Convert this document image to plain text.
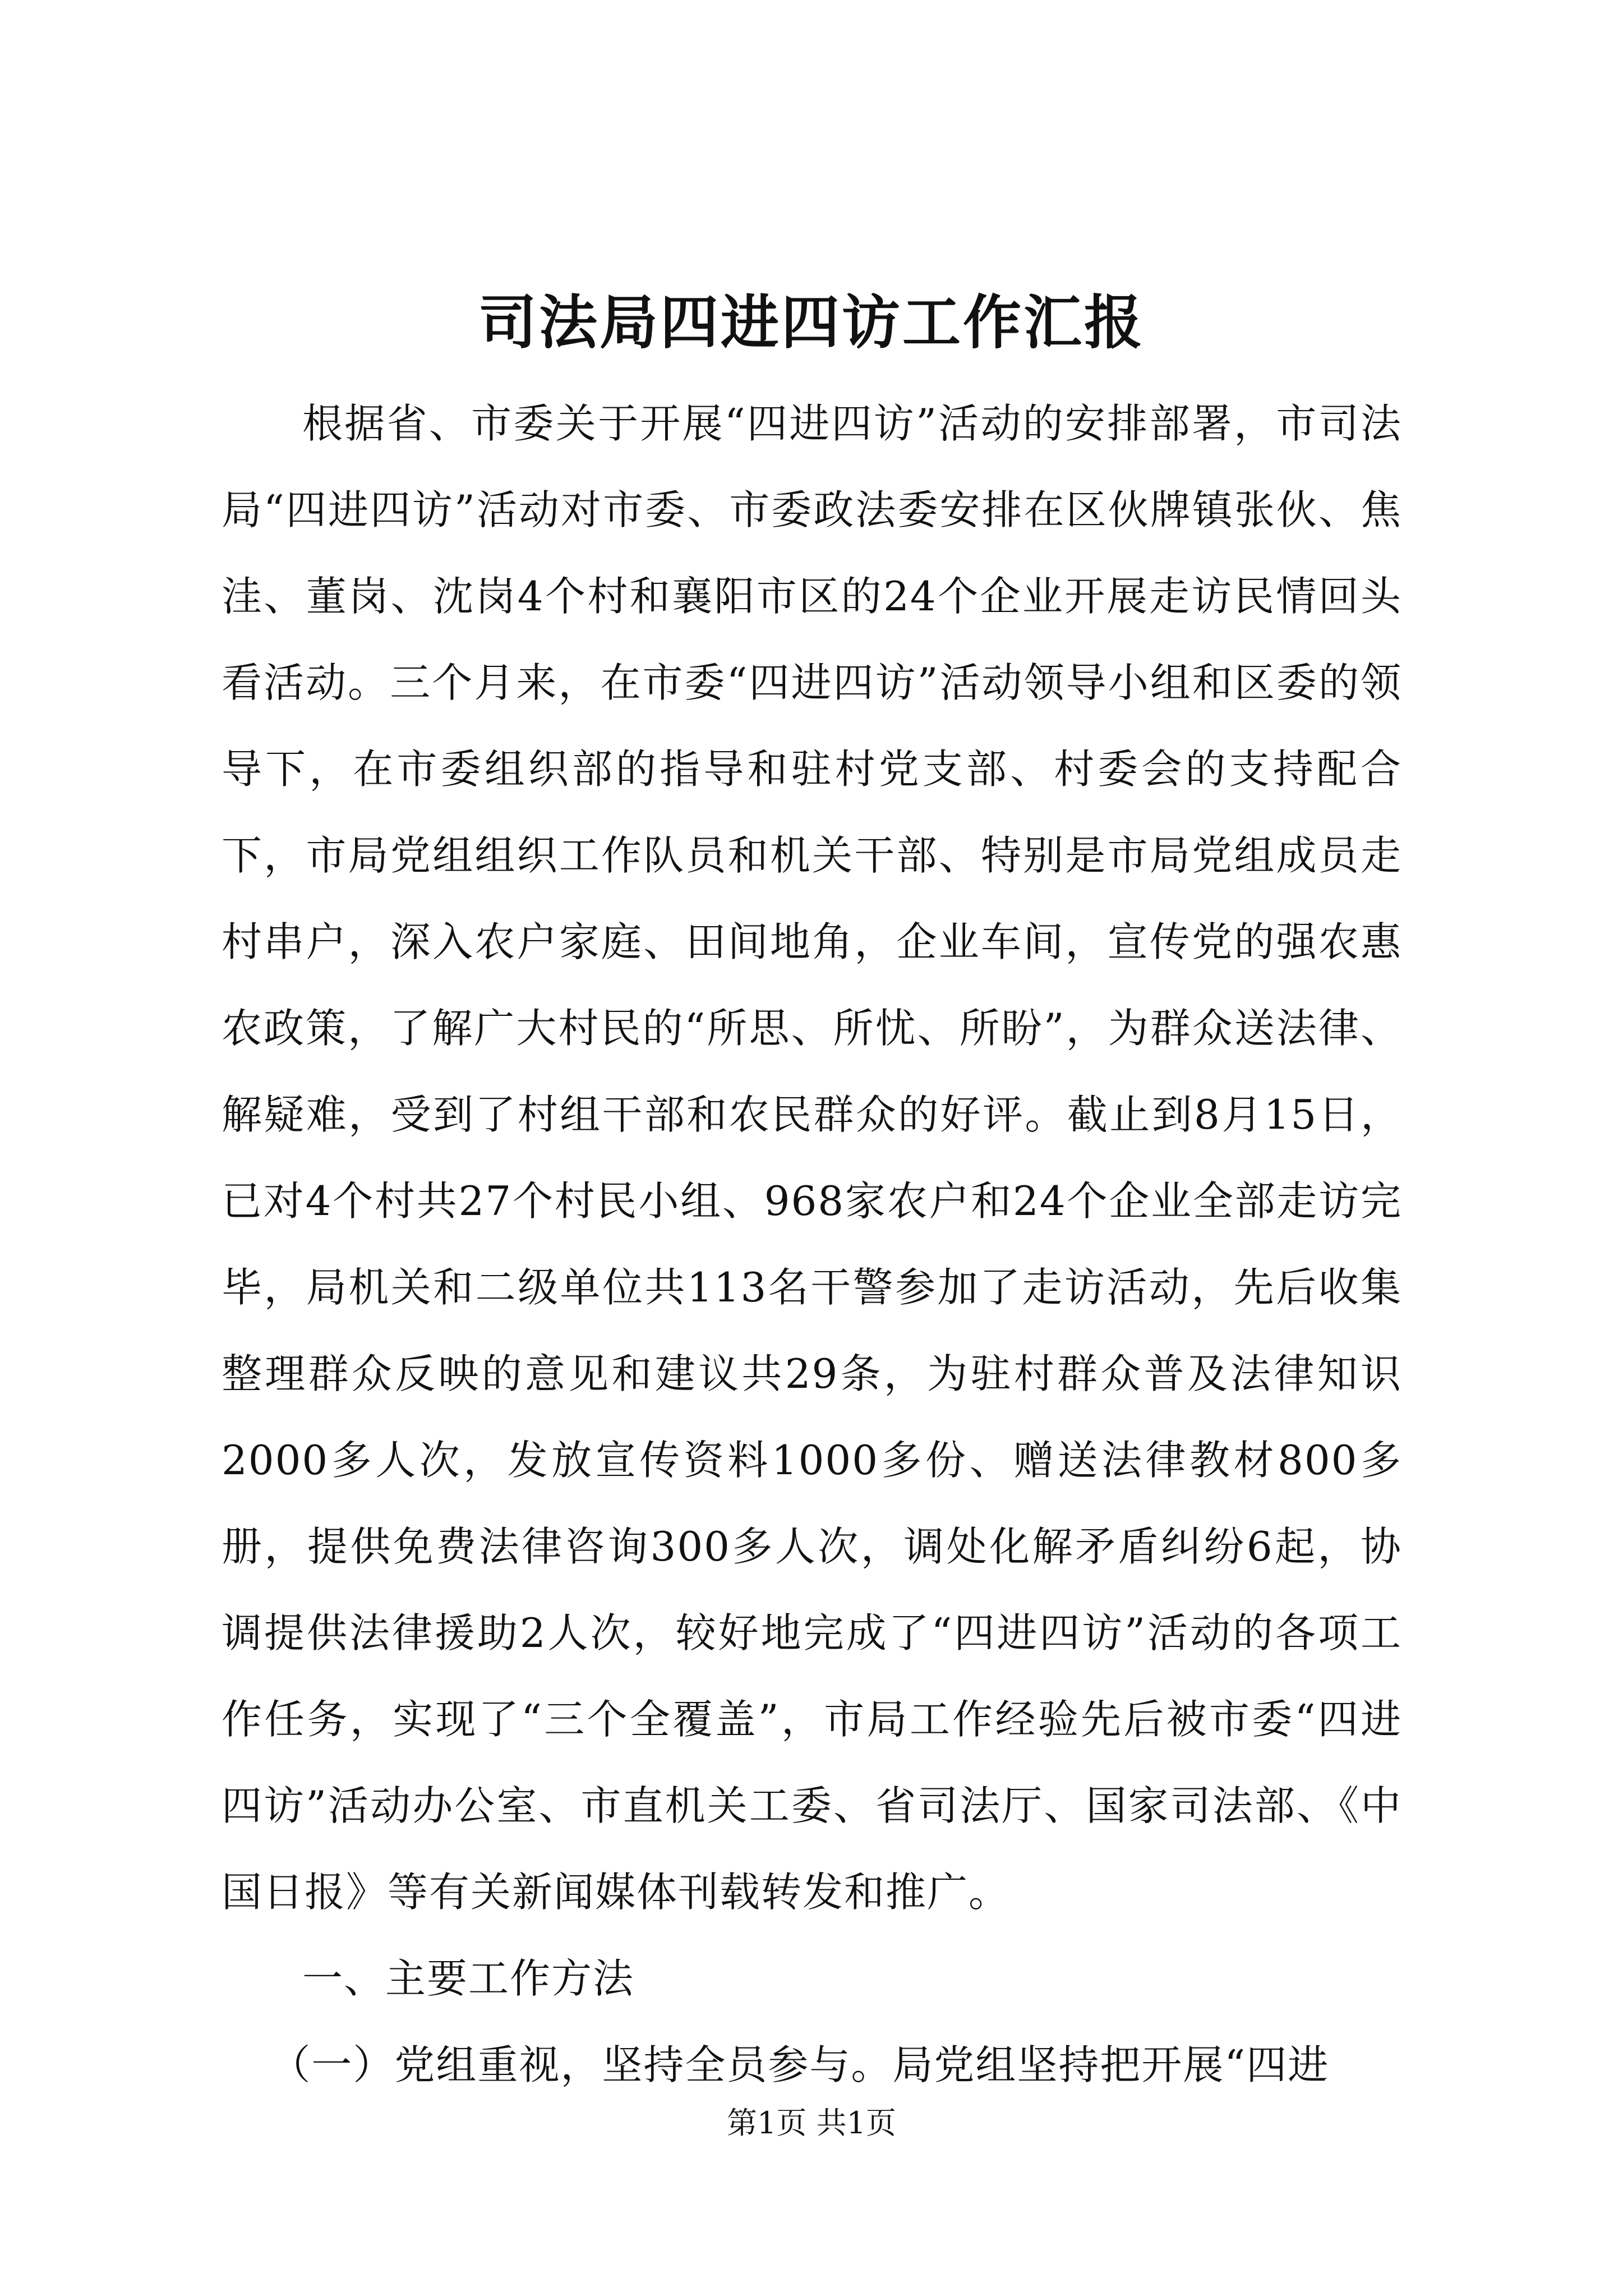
司法局四进四访工作汇报

根据省、市委关于开展“四进四访”活动的安排部署，市司法局“四进四访”活动对市委、市委政法委安排在区伙牌镇张伙、焦洼、董岗、沈岗4个村和襄阳市区的24个企业开展走访民情回头看活动。三个月来，在市委“四进四访”活动领导小组和区委的领导下，在市委组织部的指导和驻村党支部、村委会的支持配合下，市局党组组织工作队员和机关干部、特别是市局党组成员走村串户，深入农户家庭、田间地角，企业车间，宣传党的强农惠农政策，了解广大村民的“所思、所忧、所盼”，为群众送法律、解疑难，受到了村组干部和农民群众的好评。截止到8月15日，已对4个村共27个村民小组、968家农户和24个企业全部走访完毕，局机关和二级单位共113名干警参加了走访活动，先后收集整理群众反映的意见和建议共29条，为驻村群众普及法律知识2000多人次，发放宣传资料1000多份、赠送法律教材800多册，提供免费法律咨询300多人次，调处化解矛盾纠纷6起，协调提供法律援助2人次，较好地完成了“四进四访”活动的各项工作任务，实现了“三个全覆盖”，市局工作经验先后被市委“四进四访”活动办公室、市直机关工委、省司法厅、国家司法部、《中国日报》等有关新闻媒体刊载转发和推广。

一、主要工作方法

（一）党组重视，坚持全员参与。局党组坚持把开展“四进

第1页 共1页
